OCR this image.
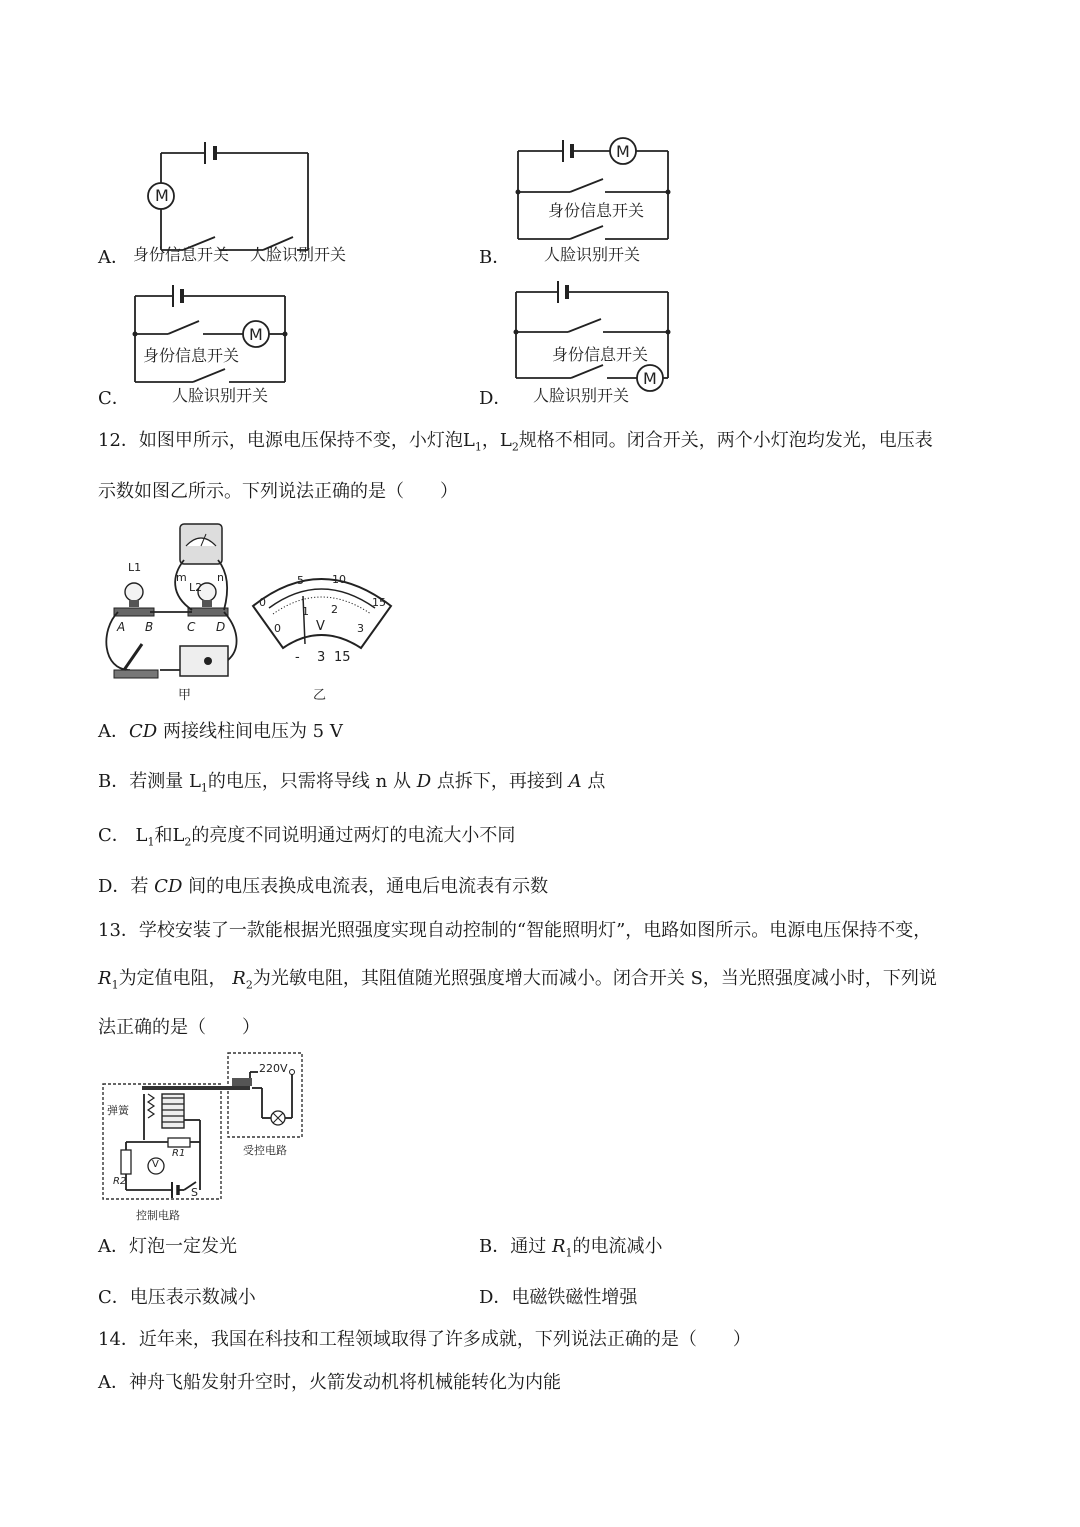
M
A． 身份信息开关 人脸识别开关
M
身份信息开关
人脸识别开关
B．
M
身份信息开关
人脸识别开关
C．
M
身份信息开关
人脸识别开关
D．
12．如图甲所示，电源电压保持不变，小灯泡$L_1$，$L_2$规格不相同。闭合开关，两个小灯泡均发光，电压表
示数如图乙所示。下列说法正确的是（　　）
L1
L2
m	n
A B	C D
甲
0
5	10
15
0
1 2
3
V
- 3 15
乙
A．CD 两接线柱间电压为 5 V
B．若测量 $L_1$的电压，只需将导线 n 从 D 点拆下，再接到 A 点
C． $L_1$和$L_2$的亮度不同说明通过两灯的电流大小不同
D．若 CD 间的电压表换成电流表，通电后电流表有示数
13．学校安装了一款能根据光照强度实现自动控制的“智能照明灯”，电路如图所示。电源电压保持不变，
$R_1$为定值电阻， $R_2$为光敏电阻，其阻值随光照强度增大而减小。闭合开关 S，当光照强度减小时，下列说
法正确的是（　　）
弹簧
220V
受控电路
控制电路
R1
R2
V
S
A．灯泡一定发光	B．通过 $R_1$的电流减小
C．电压表示数减小	D．电磁铁磁性增强
14．近年来，我国在科技和工程领域取得了许多成就，下列说法正确的是（　　）
A．神舟飞船发射升空时，火箭发动机将机械能转化为内能
